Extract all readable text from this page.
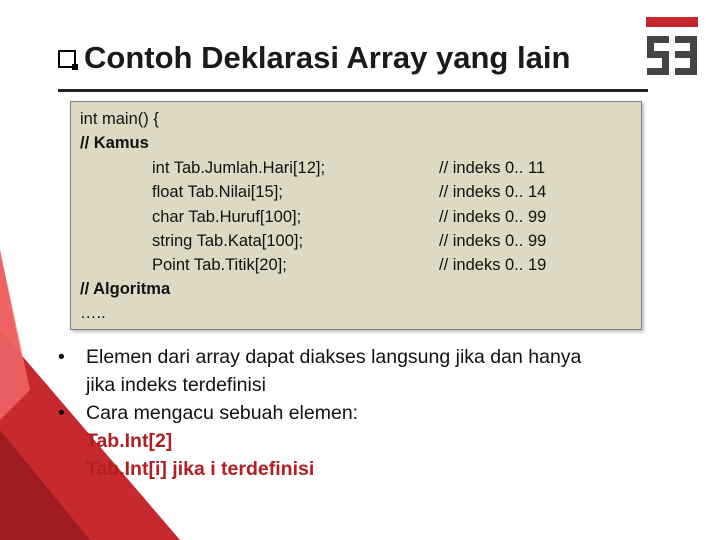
Contoh Deklarasi Array yang lain
int main() {
// Kamus
int Tab.Jumlah.Hari[12];	// indeks 0.. 11
float Tab.Nilai[15];	// indeks 0.. 14
char Tab.Huruf[100];	// indeks 0.. 99
string Tab.Kata[100];	// indeks 0.. 99
Point Tab.Titik[20];	// indeks 0.. 19
// Algoritma
…..
• Elemen dari array dapat diakses langsung jika dan hanya
jika indeks terdefinisi
• Cara mengacu sebuah elemen:
Tab.Int[2]
Tab.Int[i] jika i terdefinisi
